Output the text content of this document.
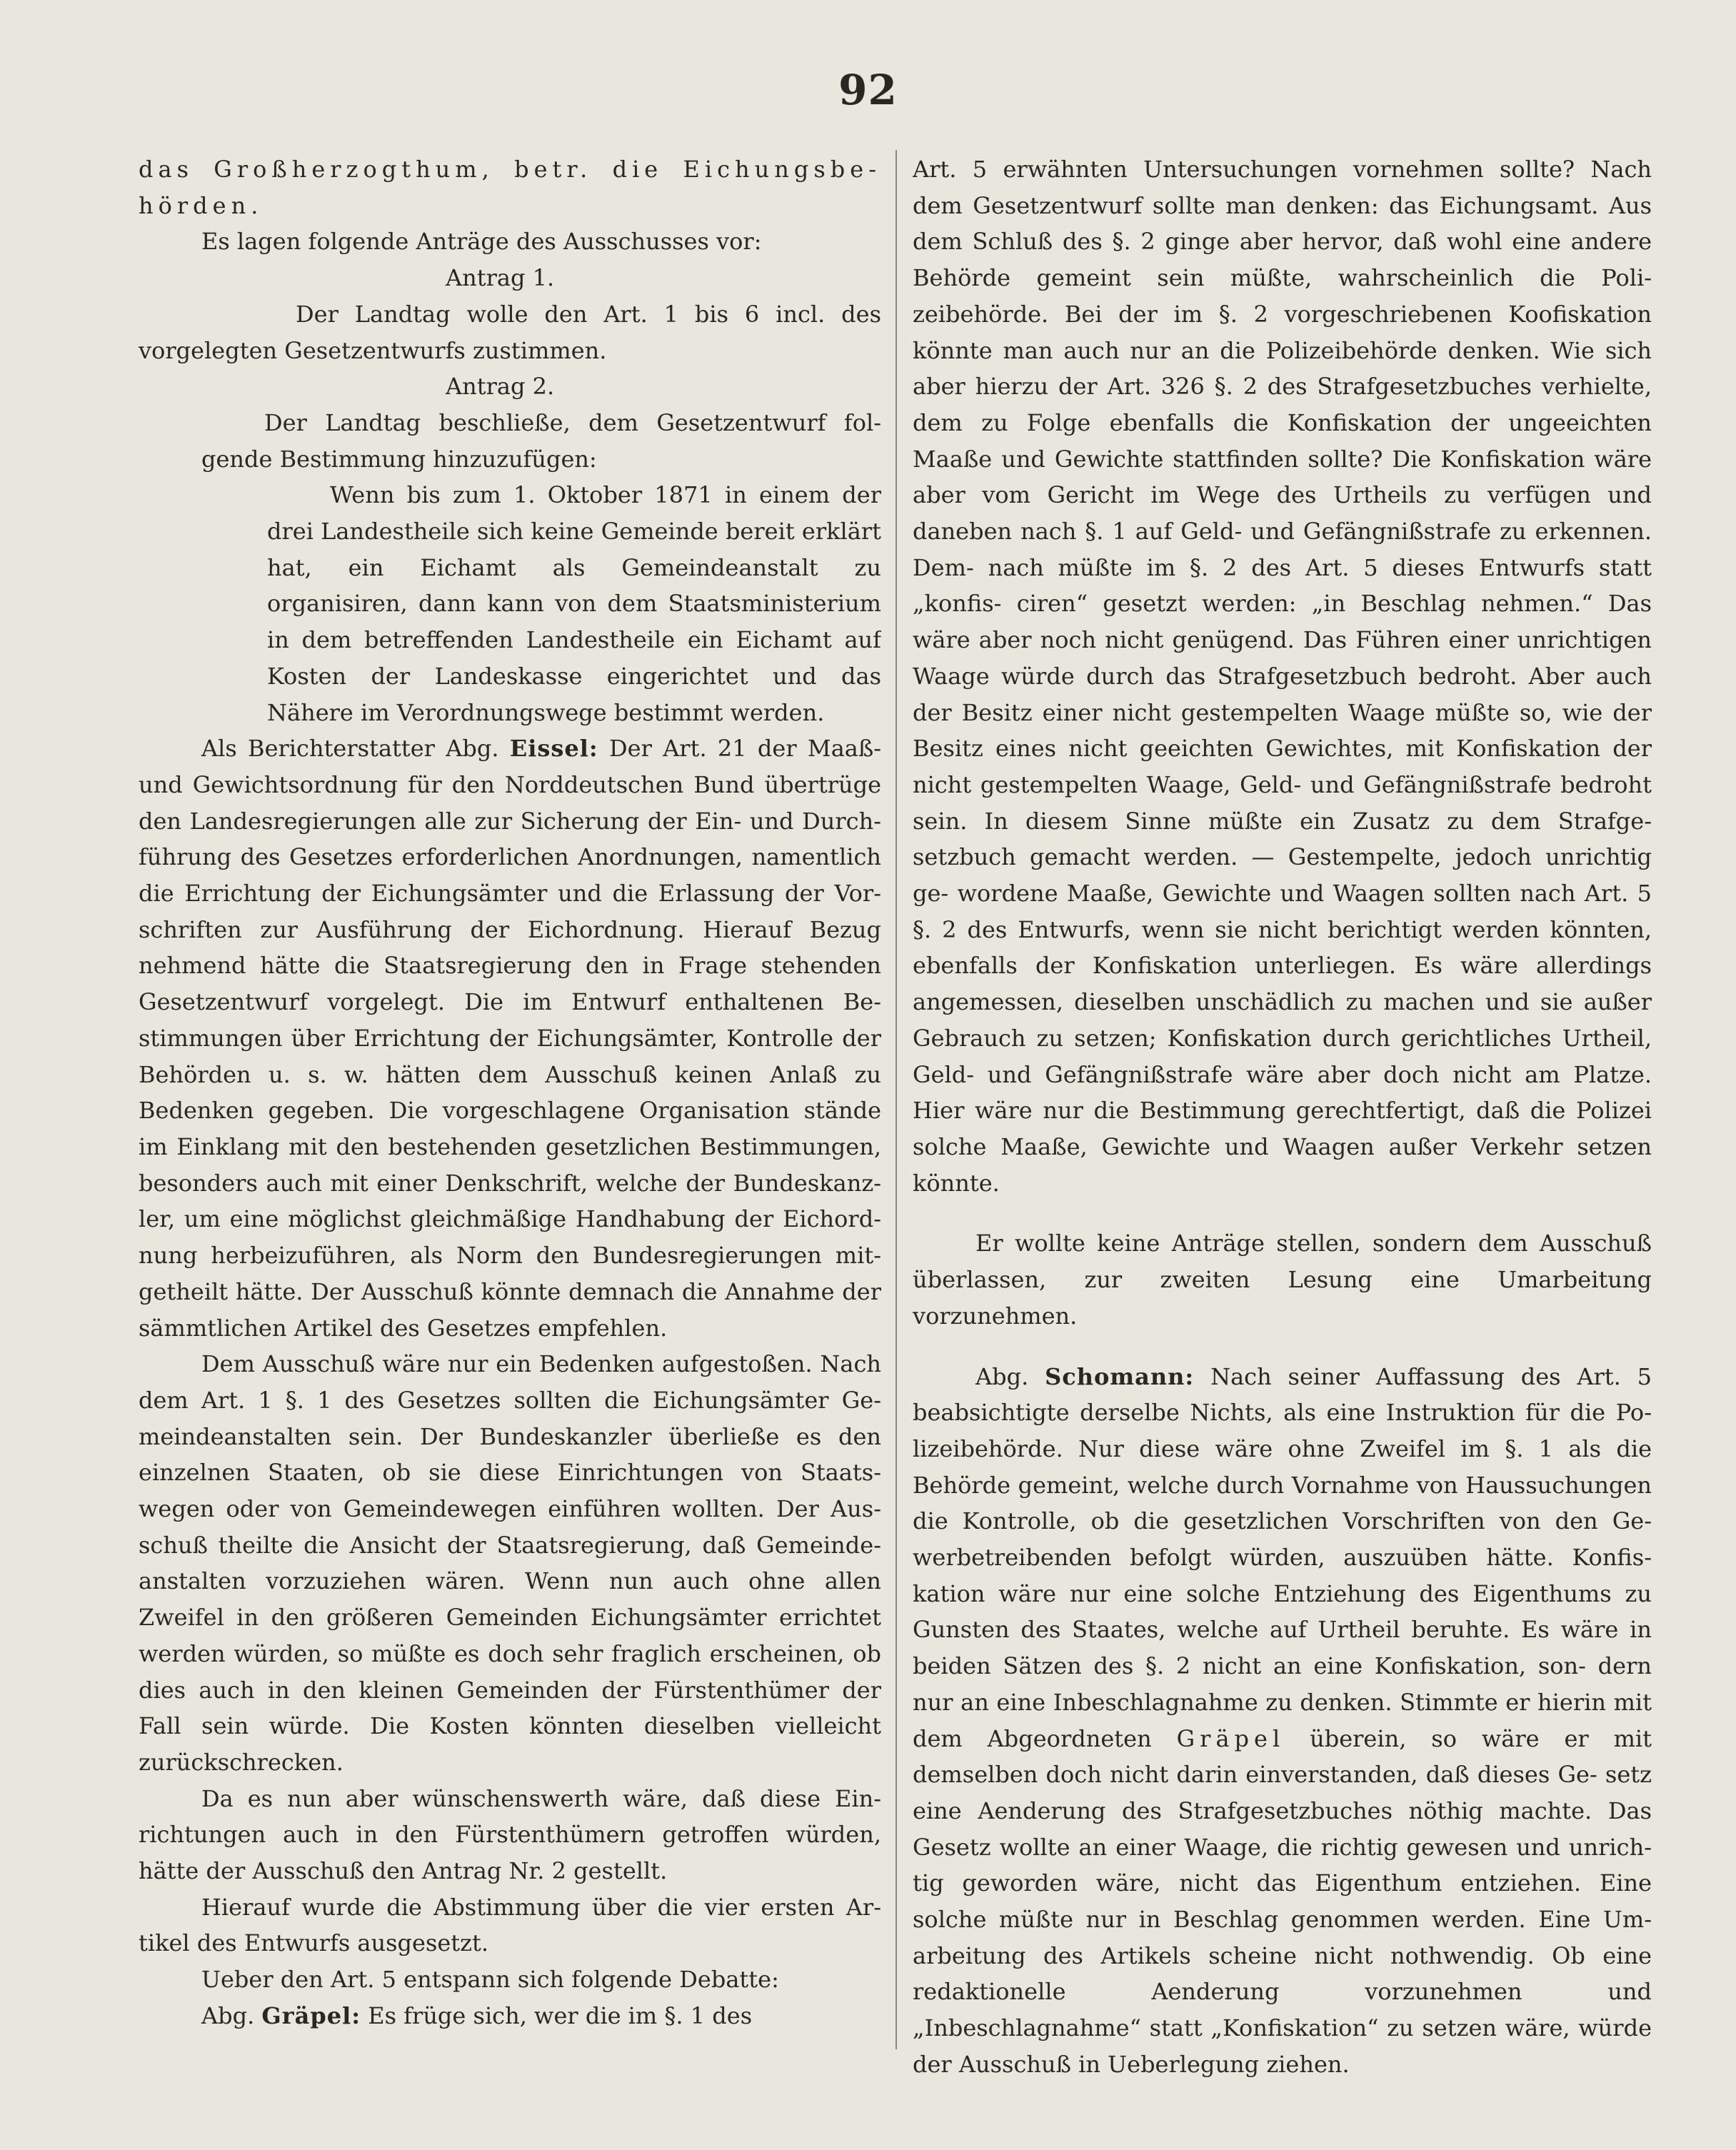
92

das Großherzogthum, betr. die Eichungsbe- hörden.

Es lagen folgende Anträge des Ausschusses vor:

Antrag 1.

Der Landtag wolle den Art. 1 bis 6 incl. des vorgelegten Gesetzentwurfs zustimmen.

Antrag 2.

Der Landtag beschließe, dem Gesetzentwurf fol- gende Bestimmung hinzuzufügen:

Wenn bis zum 1. Oktober 1871 in einem der drei Landestheile sich keine Gemeinde bereit erklärt hat, ein Eichamt als Gemeindeanstalt zu organisiren, dann kann von dem Staatsministerium in dem betreffenden Landestheile ein Eichamt auf Kosten der Landeskasse eingerichtet und das Nähere im Verordnungswege bestimmt werden.

Als Berichterstatter Abg. Eissel: Der Art. 21 der Maaß- und Gewichtsordnung für den Norddeutschen Bund übertrüge den Landesregierungen alle zur Sicherung der Ein- und Durch- führung des Gesetzes erforderlichen Anordnungen, namentlich die Errichtung der Eichungsämter und die Erlassung der Vor- schriften zur Ausführung der Eichordnung. Hierauf Bezug nehmend hätte die Staatsregierung den in Frage stehenden Gesetzentwurf vorgelegt. Die im Entwurf enthaltenen Be- stimmungen über Errichtung der Eichungsämter, Kontrolle der Behörden u. s. w. hätten dem Ausschuß keinen Anlaß zu Bedenken gegeben. Die vorgeschlagene Organisation stände im Einklang mit den bestehenden gesetzlichen Bestimmungen, besonders auch mit einer Denkschrift, welche der Bundeskanz- ler, um eine möglichst gleichmäßige Handhabung der Eichord- nung herbeizuführen, als Norm den Bundesregierungen mit- getheilt hätte. Der Ausschuß könnte demnach die Annahme der sämmtlichen Artikel des Gesetzes empfehlen.

Dem Ausschuß wäre nur ein Bedenken aufgestoßen. Nach dem Art. 1 §. 1 des Gesetzes sollten die Eichungsämter Ge- meindeanstalten sein. Der Bundeskanzler überließe es den einzelnen Staaten, ob sie diese Einrichtungen von Staats- wegen oder von Gemeindewegen einführen wollten. Der Aus- schuß theilte die Ansicht der Staatsregierung, daß Gemeinde- anstalten vorzuziehen wären. Wenn nun auch ohne allen Zweifel in den größeren Gemeinden Eichungsämter errichtet werden würden, so müßte es doch sehr fraglich erscheinen, ob dies auch in den kleinen Gemeinden der Fürstenthümer der Fall sein würde. Die Kosten könnten dieselben vielleicht zurückschrecken.

Da es nun aber wünschenswerth wäre, daß diese Ein- richtungen auch in den Fürstenthümern getroffen würden, hätte der Ausschuß den Antrag Nr. 2 gestellt.

Hierauf wurde die Abstimmung über die vier ersten Ar- tikel des Entwurfs ausgesetzt.

Ueber den Art. 5 entspann sich folgende Debatte:

Abg. Gräpel: Es früge sich, wer die im §. 1 des

Art. 5 erwähnten Untersuchungen vornehmen sollte? Nach dem Gesetzentwurf sollte man denken: das Eichungsamt. Aus dem Schluß des §. 2 ginge aber hervor, daß wohl eine andere Behörde gemeint sein müßte, wahrscheinlich die Poli- zeibehörde. Bei der im §. 2 vorgeschriebenen Koofiskation könnte man auch nur an die Polizeibehörde denken. Wie sich aber hierzu der Art. 326 §. 2 des Strafgesetzbuches verhielte, dem zu Folge ebenfalls die Konfiskation der ungeeichten Maaße und Gewichte stattfinden sollte? Die Konfiskation wäre aber vom Gericht im Wege des Urtheils zu verfügen und daneben nach §. 1 auf Geld- und Gefängnißstrafe zu erkennen. Dem- nach müßte im §. 2 des Art. 5 dieses Entwurfs statt „konfis- ciren“ gesetzt werden: „in Beschlag nehmen.“ Das wäre aber noch nicht genügend. Das Führen einer unrichtigen Waage würde durch das Strafgesetzbuch bedroht. Aber auch der Besitz einer nicht gestempelten Waage müßte so, wie der Besitz eines nicht geeichten Gewichtes, mit Konfiskation der nicht gestempelten Waage, Geld- und Gefängnißstrafe bedroht sein. In diesem Sinne müßte ein Zusatz zu dem Strafge- setzbuch gemacht werden. — Gestempelte, jedoch unrichtig ge- wordene Maaße, Gewichte und Waagen sollten nach Art. 5 §. 2 des Entwurfs, wenn sie nicht berichtigt werden könnten, ebenfalls der Konfiskation unterliegen. Es wäre allerdings angemessen, dieselben unschädlich zu machen und sie außer Gebrauch zu setzen; Konfiskation durch gerichtliches Urtheil, Geld- und Gefängnißstrafe wäre aber doch nicht am Platze. Hier wäre nur die Bestimmung gerechtfertigt, daß die Polizei solche Maaße, Gewichte und Waagen außer Verkehr setzen könnte.

Er wollte keine Anträge stellen, sondern dem Ausschuß überlassen, zur zweiten Lesung eine Umarbeitung vorzunehmen.

Abg. Schomann: Nach seiner Auffassung des Art. 5 beabsichtigte derselbe Nichts, als eine Instruktion für die Po- lizeibehörde. Nur diese wäre ohne Zweifel im §. 1 als die Behörde gemeint, welche durch Vornahme von Haussuchungen die Kontrolle, ob die gesetzlichen Vorschriften von den Ge- werbetreibenden befolgt würden, auszuüben hätte. Konfis- kation wäre nur eine solche Entziehung des Eigenthums zu Gunsten des Staates, welche auf Urtheil beruhte. Es wäre in beiden Sätzen des §. 2 nicht an eine Konfiskation, son- dern nur an eine Inbeschlagnahme zu denken. Stimmte er hierin mit dem Abgeordneten Gräpel überein, so wäre er mit demselben doch nicht darin einverstanden, daß dieses Ge- setz eine Aenderung des Strafgesetzbuches nöthig machte. Das Gesetz wollte an einer Waage, die richtig gewesen und unrich- tig geworden wäre, nicht das Eigenthum entziehen. Eine solche müßte nur in Beschlag genommen werden. Eine Um- arbeitung des Artikels scheine nicht nothwendig. Ob eine redaktionelle Aenderung vorzunehmen und „Inbeschlagnahme“ statt „Konfiskation“ zu setzen wäre, würde der Ausschuß in Ueberlegung ziehen.
